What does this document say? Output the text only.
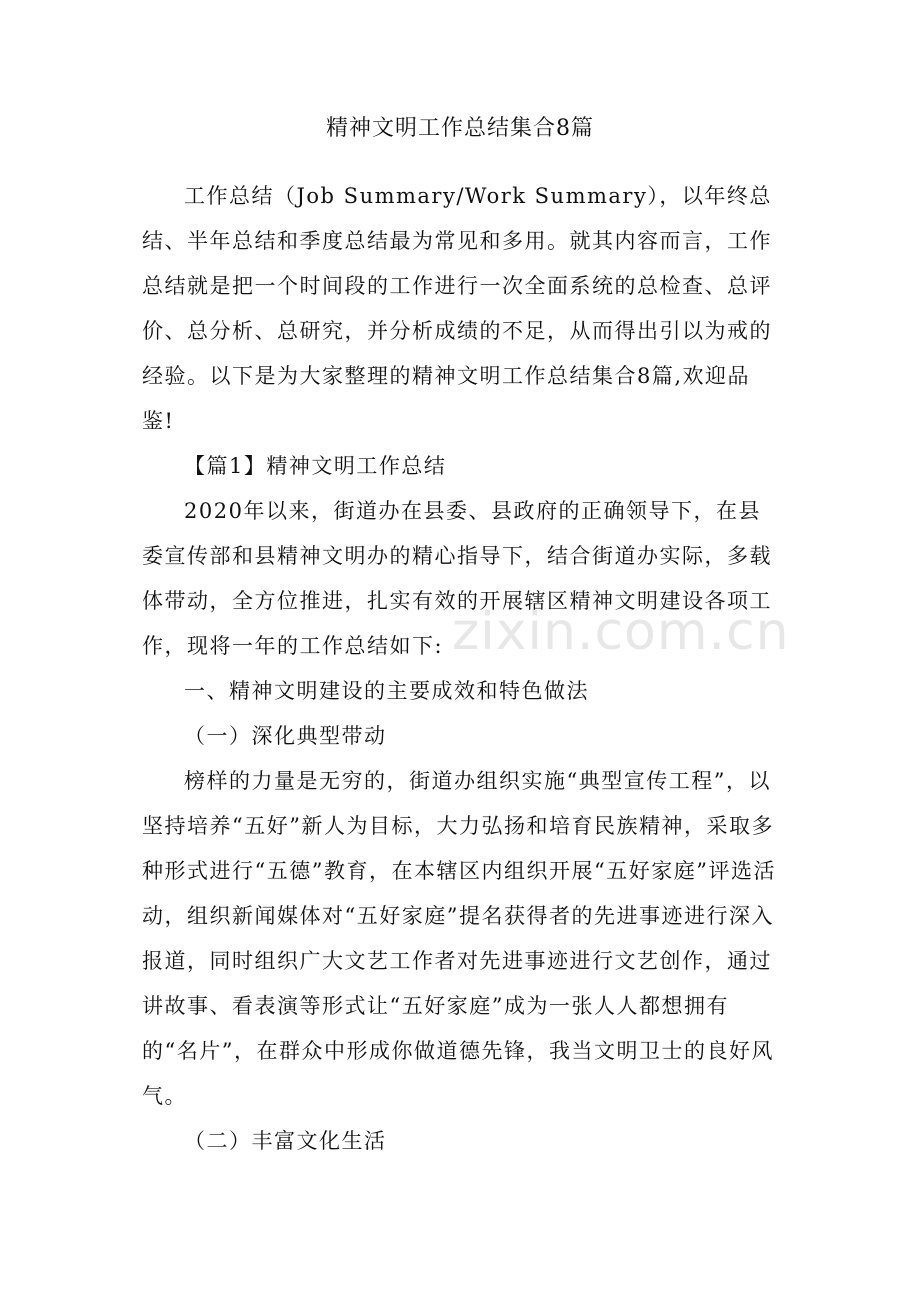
精神文明工作总结集合8篇

工作总结（Job Summary/Work Summary），以年终总结、半年总结和季度总结最为常见和多用。就其内容而言，工作总结就是把一个时间段的工作进行一次全面系统的总检查、总评价、总分析、总研究，并分析成绩的不足，从而得出引以为戒的经验。以下是为大家整理的精神文明工作总结集合8篇,欢迎品鉴!

【篇1】精神文明工作总结

2020年以来，街道办在县委、县政府的正确领导下，在县委宣传部和县精神文明办的精心指导下，结合街道办实际，多载体带动，全方位推进，扎实有效的开展辖区精神文明建设各项工作，现将一年的工作总结如下:

一、精神文明建设的主要成效和特色做法

（一）深化典型带动

榜样的力量是无穷的，街道办组织实施“典型宣传工程”，以坚持培养“五好”新人为目标，大力弘扬和培育民族精神，采取多种形式进行“五德”教育，在本辖区内组织开展“五好家庭”评选活动，组织新闻媒体对“五好家庭”提名获得者的先进事迹进行深入报道，同时组织广大文艺工作者对先进事迹进行文艺创作，通过讲故事、看表演等形式让“五好家庭”成为一张人人都想拥有的“名片”，在群众中形成你做道德先锋，我当文明卫士的良好风气。

（二）丰富文化生活

zixin.com.cn
